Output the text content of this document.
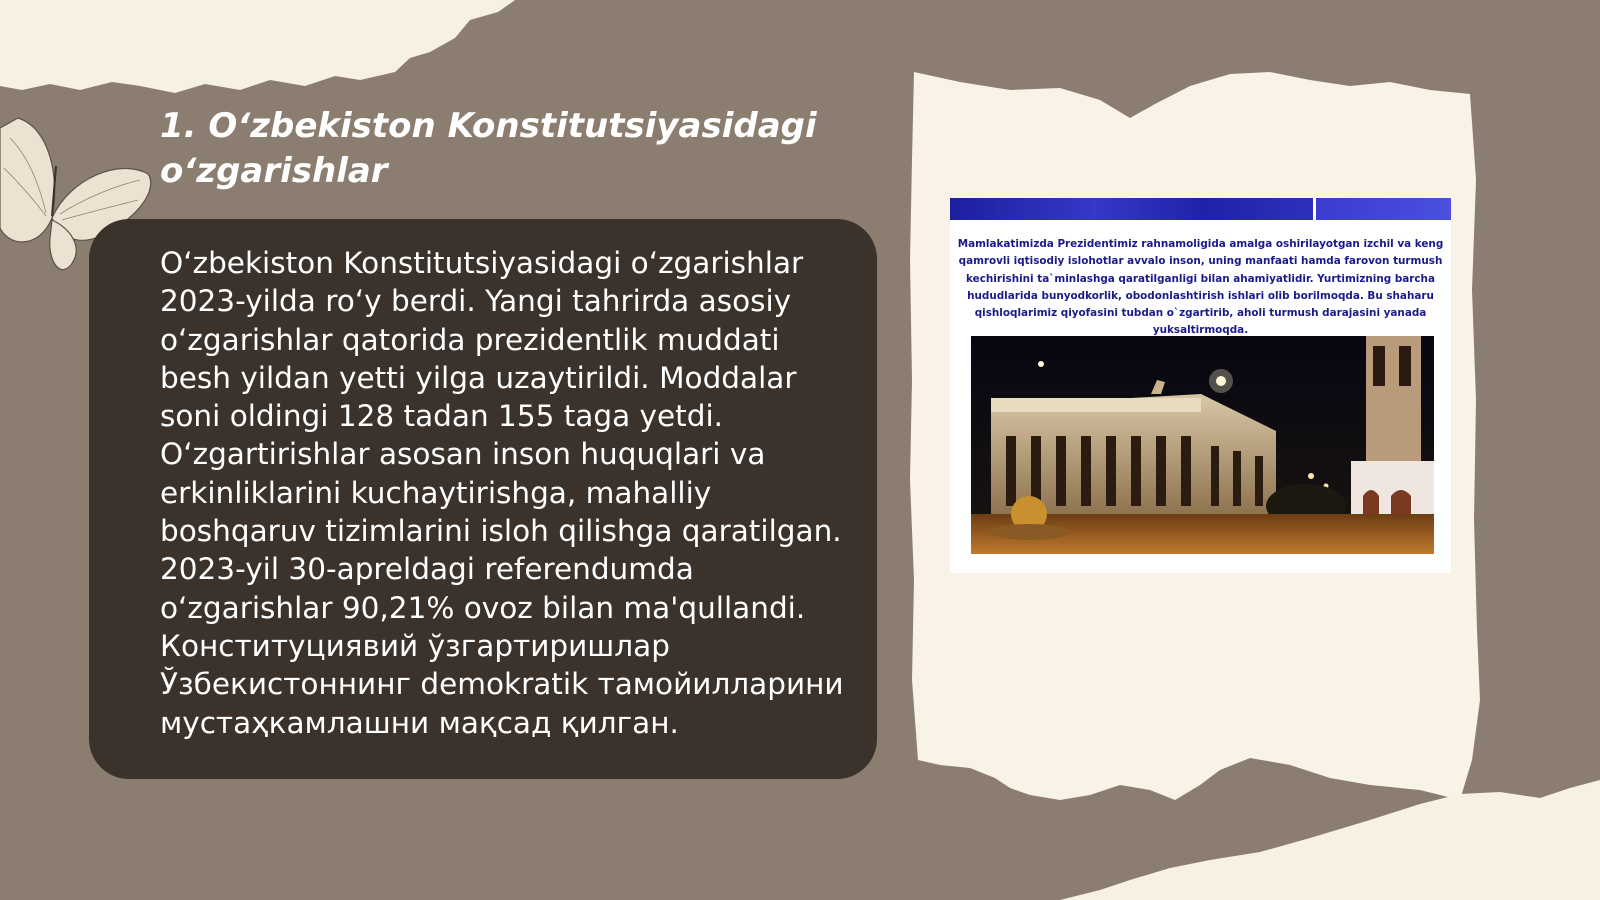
1. O‘zbekiston Konstitutsiyasidagi o‘zgarishlar

O‘zbekiston Konstitutsiyasidagi o‘zgarishlar 2023-yilda ro‘y berdi. Yangi tahrirda asosiy o‘zgarishlar qatorida prezidentlik muddati besh yildan yetti yilga uzaytirildi. Moddalar soni oldingi 128 tadan 155 taga yetdi. O‘zgartirishlar asosan inson huquqlari va erkinliklarini kuchaytirishga, mahalliy boshqaruv tizimlarini isloh qilishga qaratilgan. 2023-yil 30-apreldagi referendumda o‘zgarishlar 90,21% ovoz bilan ma'qullandi. Конституциявий ўзгартиришлар Ўзбекистоннинг demokratik тамойилларини мустаҳкамлашни мақсад қилган.

Mamlakatimizda Prezidentimiz rahnamoligida amalga oshirilayotgan izchil va keng qamrovli iqtisodiy islohotlar avvalo inson, uning manfaati hamda farovon turmush kechirishini ta`minlashga qaratilganligi bilan ahamiyatlidir. Yurtimizning barcha hududlarida bunyodkorlik, obodonlashtirish ishlari olib borilmoqda. Bu shaharu qishloqlarimiz qiyofasini tubdan o`zgartirib, aholi turmush darajasini yanada yuksaltirmoqda.
